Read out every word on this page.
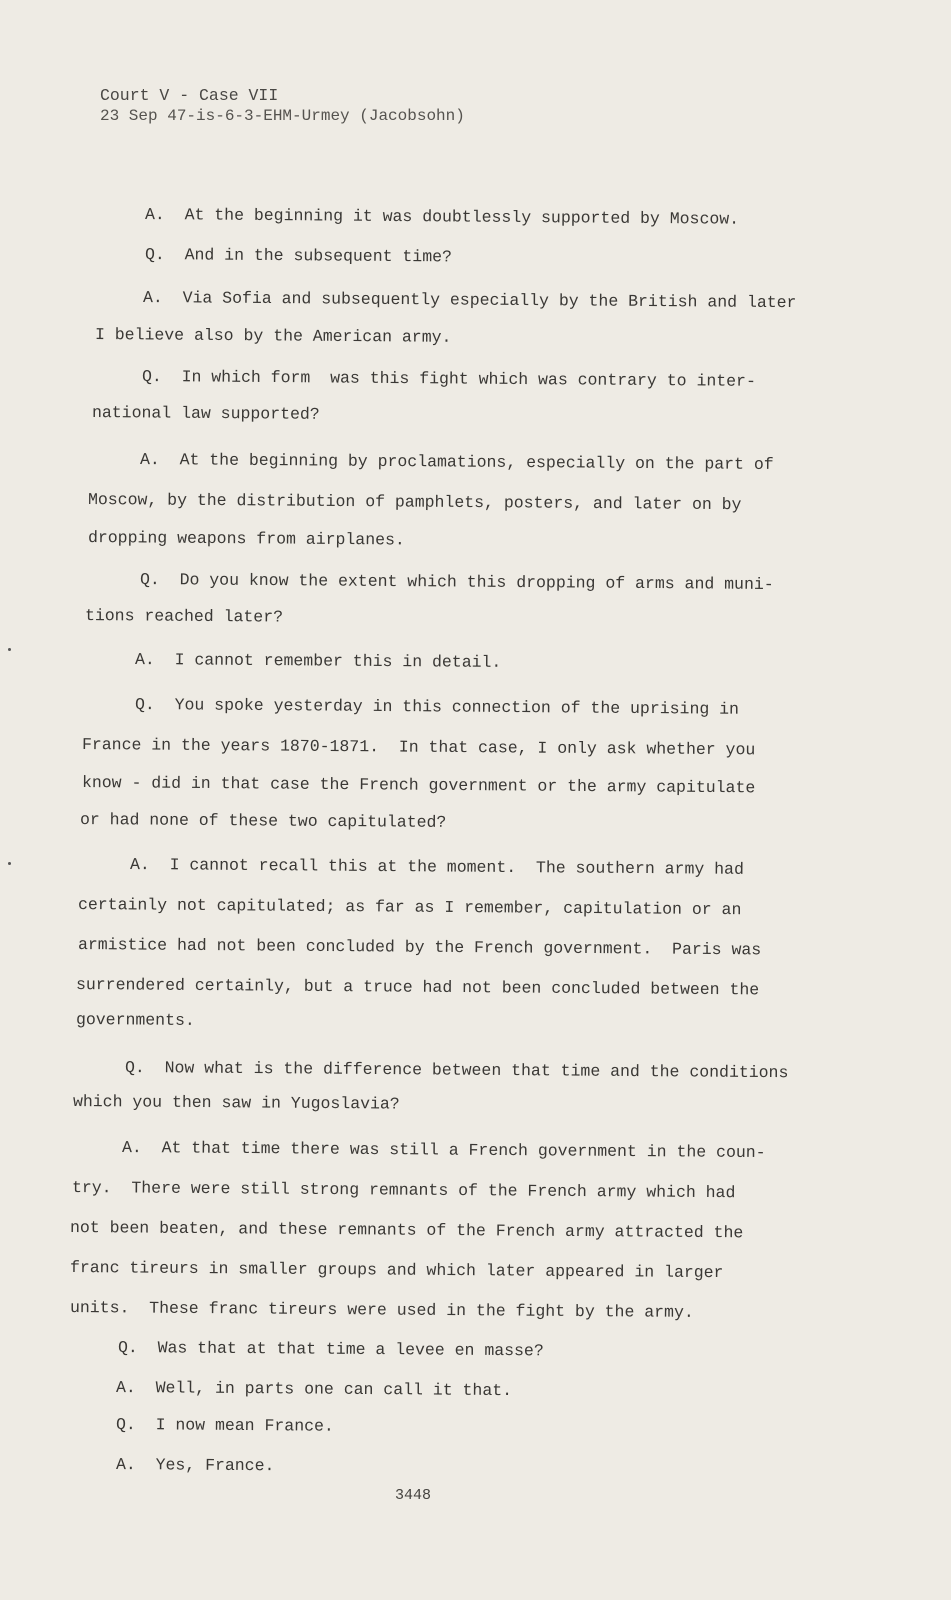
Court V - Case VII
23 Sep 47-is-6-3-EHM-Urmey (Jacobsohn)
A.  At the beginning it was doubtlessly supported by Moscow.
Q.  And in the subsequent time?
A.  Via Sofia and subsequently especially by the British and later
I believe also by the American army.
Q.  In which form  was this fight which was contrary to inter-
national law supported?
A.  At the beginning by proclamations, especially on the part of
Moscow, by the distribution of pamphlets, posters, and later on by
dropping weapons from airplanes.
Q.  Do you know the extent which this dropping of arms and muni-
tions reached later?
A.  I cannot remember this in detail.
Q.  You spoke yesterday in this connection of the uprising in
France in the years 1870-1871.  In that case, I only ask whether you
know - did in that case the French government or the army capitulate
or had none of these two capitulated?
A.  I cannot recall this at the moment.  The southern army had
certainly not capitulated; as far as I remember, capitulation or an
armistice had not been concluded by the French government.  Paris was
surrendered certainly, but a truce had not been concluded between the
governments.
Q.  Now what is the difference between that time and the conditions
which you then saw in Yugoslavia?
A.  At that time there was still a French government in the coun-
try.  There were still strong remnants of the French army which had
not been beaten, and these remnants of the French army attracted the
franc tireurs in smaller groups and which later appeared in larger
units.  These franc tireurs were used in the fight by the army.
Q.  Was that at that time a levee en masse?
A.  Well, in parts one can call it that.
Q.  I now mean France.
A.  Yes, France.
3448
